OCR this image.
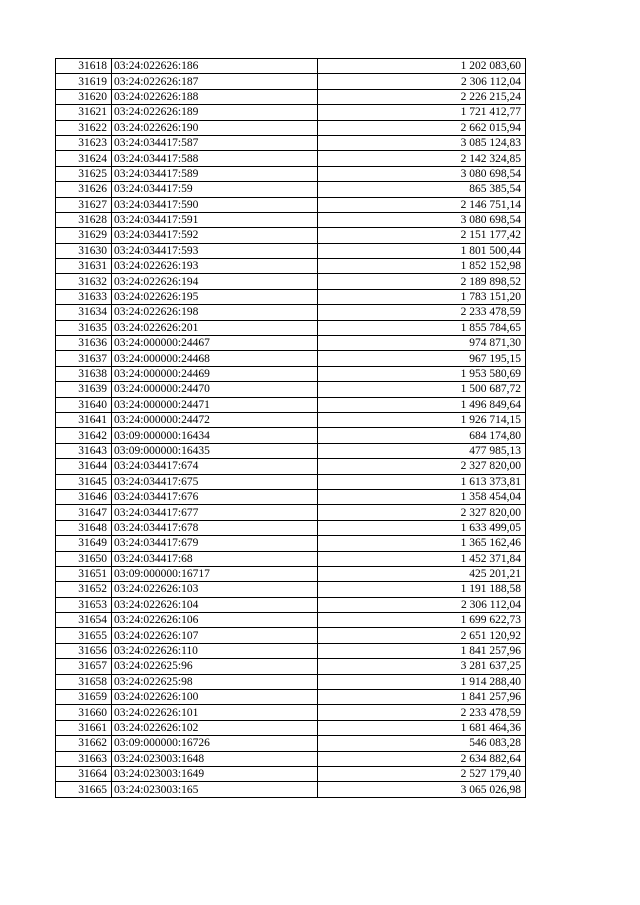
31618	03:24:022626:186	1 202 083,60
31619	03:24:022626:187	2 306 112,04
31620	03:24:022626:188	2 226 215,24
31621	03:24:022626:189	1 721 412,77
31622	03:24:022626:190	2 662 015,94
31623	03:24:034417:587	3 085 124,83
31624	03:24:034417:588	2 142 324,85
31625	03:24:034417:589	3 080 698,54
31626	03:24:034417:59	865 385,54
31627	03:24:034417:590	2 146 751,14
31628	03:24:034417:591	3 080 698,54
31629	03:24:034417:592	2 151 177,42
31630	03:24:034417:593	1 801 500,44
31631	03:24:022626:193	1 852 152,98
31632	03:24:022626:194	2 189 898,52
31633	03:24:022626:195	1 783 151,20
31634	03:24:022626:198	2 233 478,59
31635	03:24:022626:201	1 855 784,65
31636	03:24:000000:24467	974 871,30
31637	03:24:000000:24468	967 195,15
31638	03:24:000000:24469	1 953 580,69
31639	03:24:000000:24470	1 500 687,72
31640	03:24:000000:24471	1 496 849,64
31641	03:24:000000:24472	1 926 714,15
31642	03:09:000000:16434	684 174,80
31643	03:09:000000:16435	477 985,13
31644	03:24:034417:674	2 327 820,00
31645	03:24:034417:675	1 613 373,81
31646	03:24:034417:676	1 358 454,04
31647	03:24:034417:677	2 327 820,00
31648	03:24:034417:678	1 633 499,05
31649	03:24:034417:679	1 365 162,46
31650	03:24:034417:68	1 452 371,84
31651	03:09:000000:16717	425 201,21
31652	03:24:022626:103	1 191 188,58
31653	03:24:022626:104	2 306 112,04
31654	03:24:022626:106	1 699 622,73
31655	03:24:022626:107	2 651 120,92
31656	03:24:022626:110	1 841 257,96
31657	03:24:022625:96	3 281 637,25
31658	03:24:022625:98	1 914 288,40
31659	03:24:022626:100	1 841 257,96
31660	03:24:022626:101	2 233 478,59
31661	03:24:022626:102	1 681 464,36
31662	03:09:000000:16726	546 083,28
31663	03:24:023003:1648	2 634 882,64
31664	03:24:023003:1649	2 527 179,40
31665	03:24:023003:165	3 065 026,98
